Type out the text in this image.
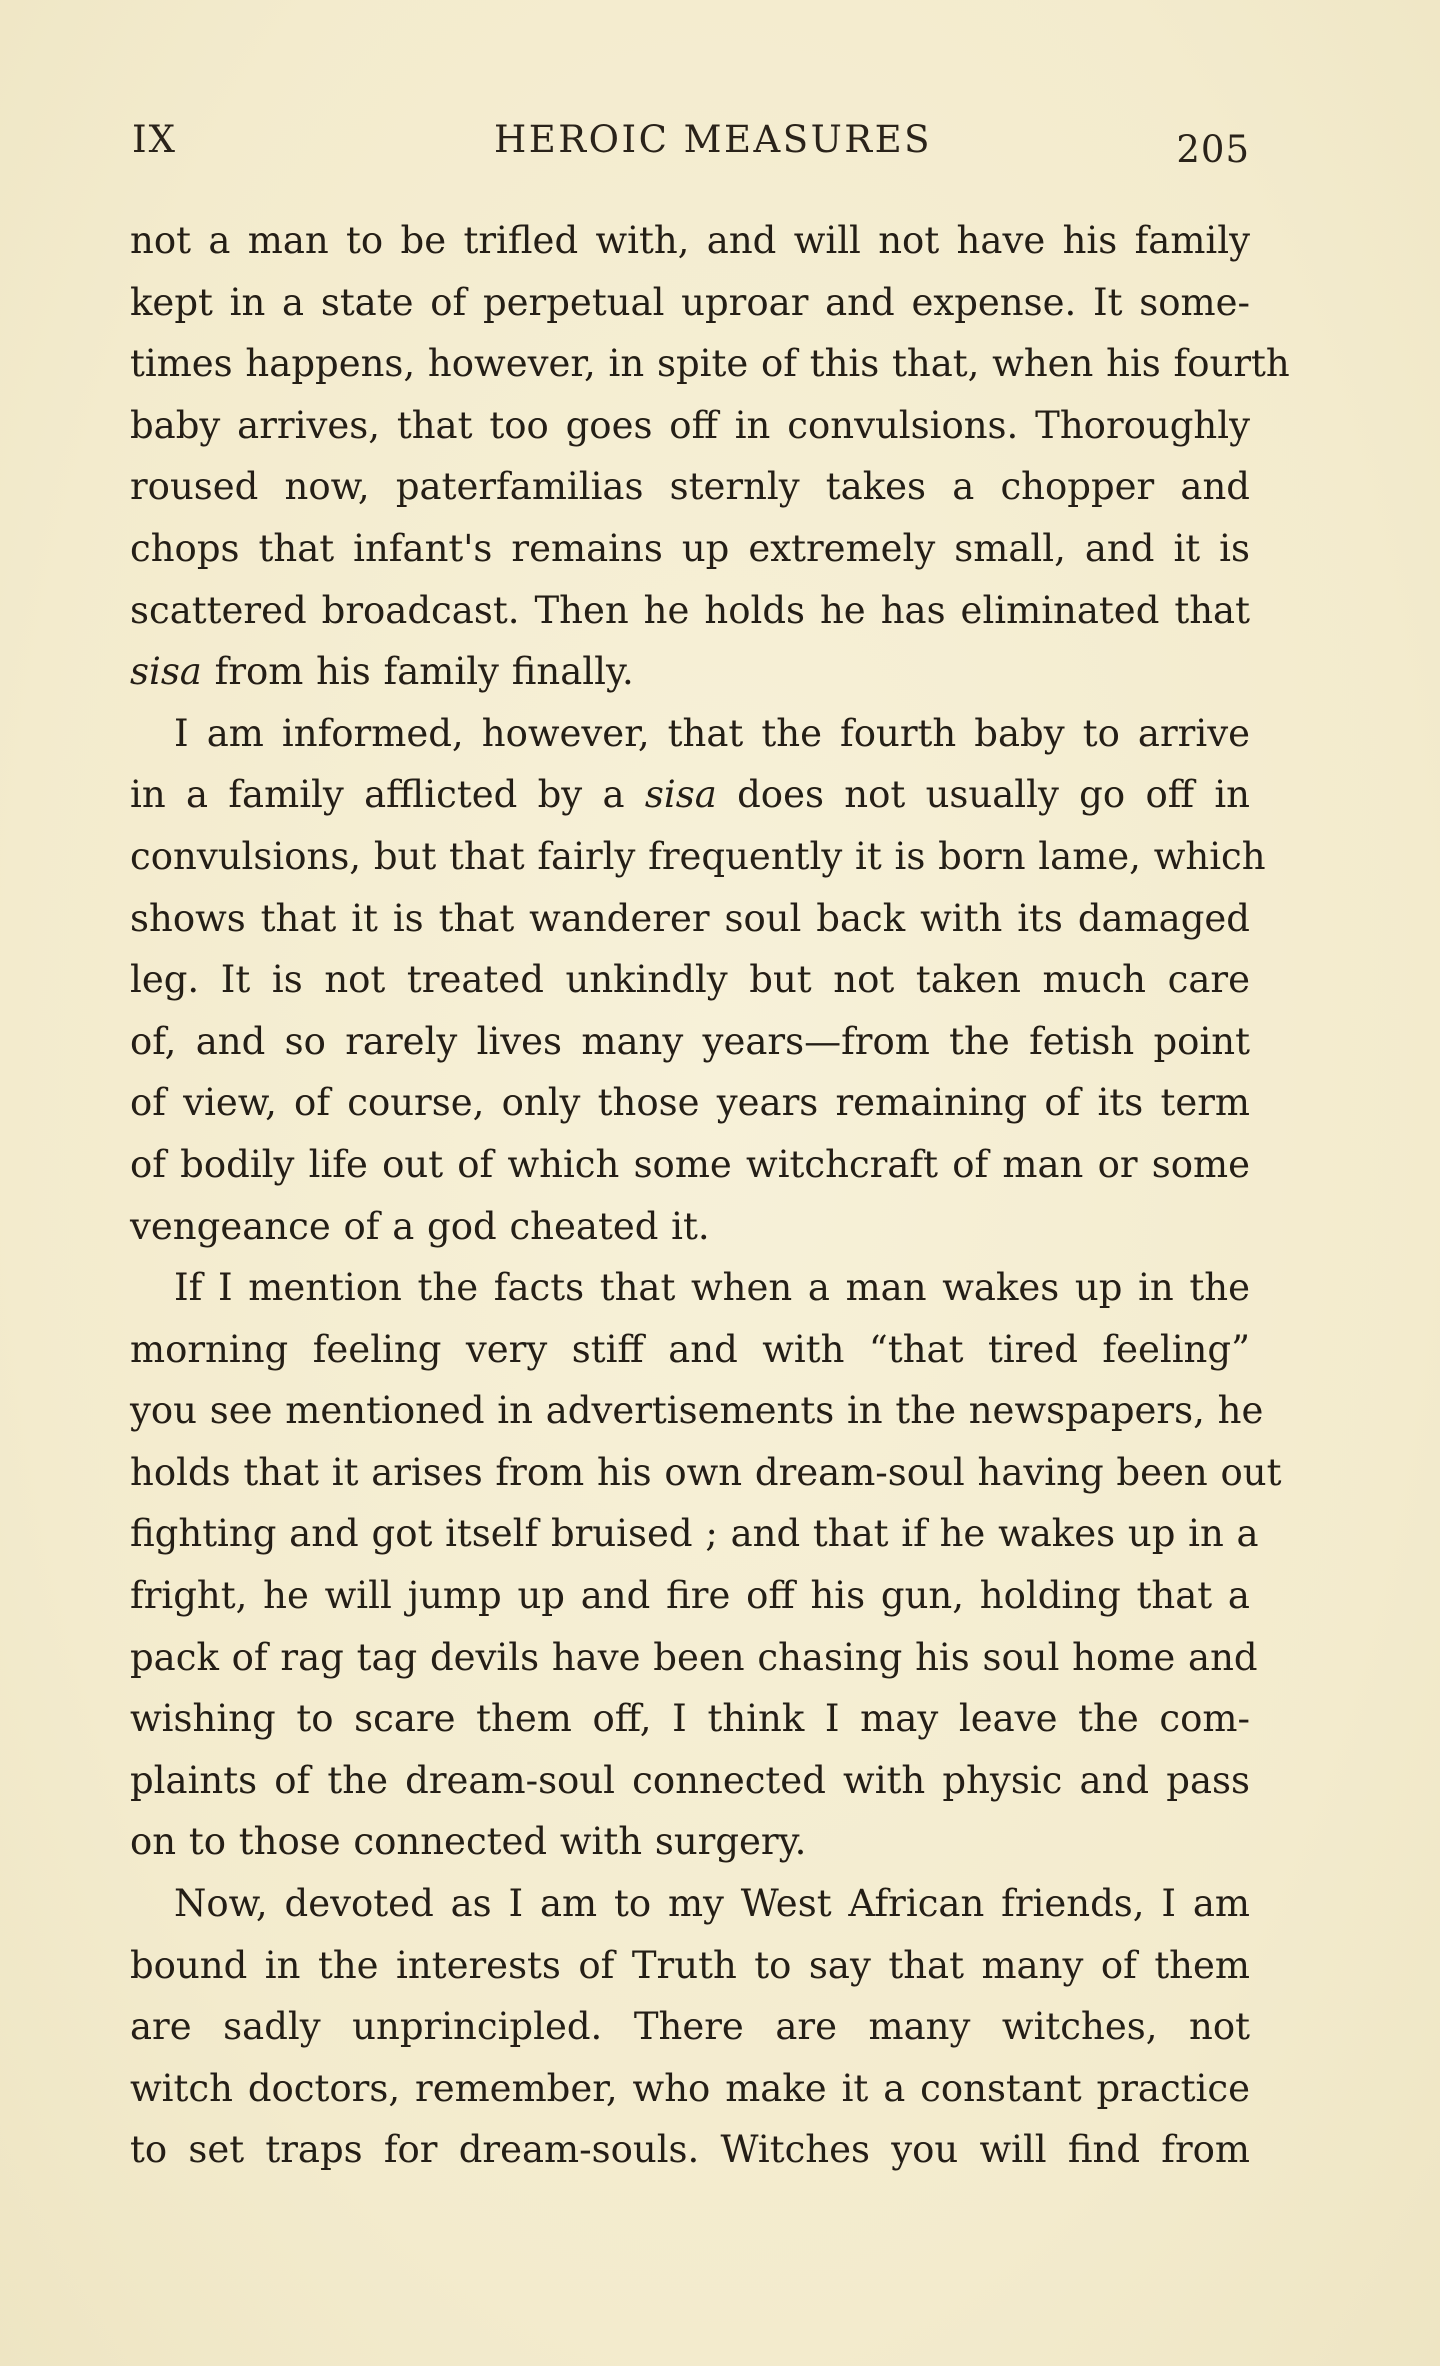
IX	HEROIC MEASURES	205
not a man to be trifled with, and will not have his family
kept in a state of perpetual uproar and expense. It some-
times happens, however, in spite of this that, when his fourth
baby arrives, that too goes off in convulsions. Thoroughly
roused now, paterfamilias sternly takes a chopper and
chops that infant's remains up extremely small, and it is
scattered broadcast. Then he holds he has eliminated that
sisa from his family finally.
I am informed, however, that the fourth baby to arrive
in a family afflicted by a sisa does not usually go off in
convulsions, but that fairly frequently it is born lame, which
shows that it is that wanderer soul back with its damaged
leg. It is not treated unkindly but not taken much care
of, and so rarely lives many years—from the fetish point
of view, of course, only those years remaining of its term
of bodily life out of which some witchcraft of man or some
vengeance of a god cheated it.
If I mention the facts that when a man wakes up in the
morning feeling very stiff and with “that tired feeling”
you see mentioned in advertisements in the newspapers, he
holds that it arises from his own dream-soul having been out
fighting and got itself bruised ; and that if he wakes up in a
fright, he will jump up and fire off his gun, holding that a
pack of rag tag devils have been chasing his soul home and
wishing to scare them off, I think I may leave the com-
plaints of the dream-soul connected with physic and pass
on to those connected with surgery.
Now, devoted as I am to my West African friends, I am
bound in the interests of Truth to say that many of them
are sadly unprincipled. There are many witches, not
witch doctors, remember, who make it a constant practice
to set traps for dream-souls. Witches you will find from
